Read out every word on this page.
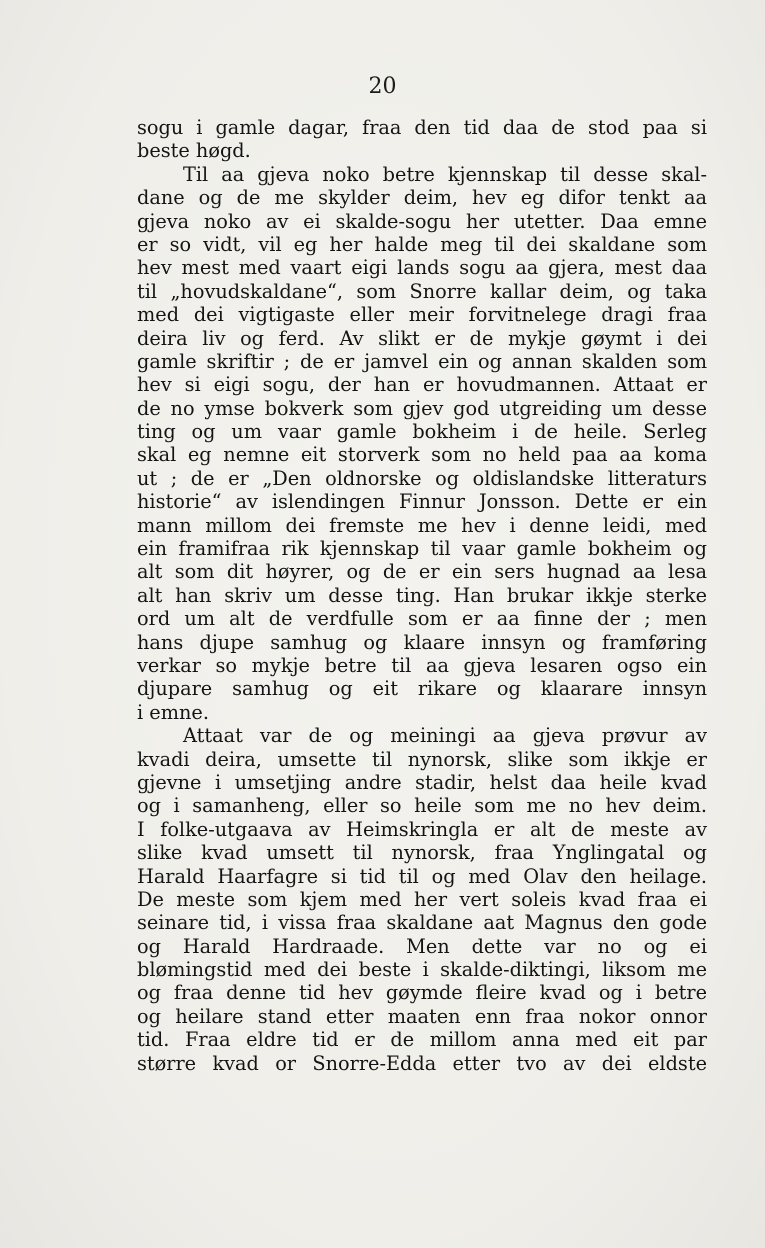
20
sogu i gamle dagar, fraa den tid daa de stod paa si
beste høgd.
Til aa gjeva noko betre kjennskap til desse skal-
dane og de me skylder deim, hev eg difor tenkt aa
gjeva noko av ei skalde-sogu her utetter. Daa emne
er so vidt, vil eg her halde meg til dei skaldane som
hev mest med vaart eigi lands sogu aa gjera, mest daa
til „hovudskaldane“, som Snorre kallar deim, og taka
med dei vigtigaste eller meir forvitnelege dragi fraa
deira liv og ferd. Av slikt er de mykje gøymt i dei
gamle skriftir ; de er jamvel ein og annan skalden som
hev si eigi sogu, der han er hovudmannen. Attaat er
de no ymse bokverk som gjev god utgreiding um desse
ting og um vaar gamle bokheim i de heile. Serleg
skal eg nemne eit storverk som no held paa aa koma
ut ; de er „Den oldnorske og oldislandske litteraturs
historie“ av islendingen Finnur Jonsson. Dette er ein
mann millom dei fremste me hev i denne leidi, med
ein framifraa rik kjennskap til vaar gamle bokheim og
alt som dit høyrer, og de er ein sers hugnad aa lesa
alt han skriv um desse ting. Han brukar ikkje sterke
ord um alt de verdfulle som er aa finne der ; men
hans djupe samhug og klaare innsyn og framføring
verkar so mykje betre til aa gjeva lesaren ogso ein
djupare samhug og eit rikare og klaarare innsyn
i emne.
Attaat var de og meiningi aa gjeva prøvur av
kvadi deira, umsette til nynorsk, slike som ikkje er
gjevne i umsetjing andre stadir, helst daa heile kvad
og i samanheng, eller so heile som me no hev deim.
I folke-utgaava av Heimskringla er alt de meste av
slike kvad umsett til nynorsk, fraa Ynglingatal og
Harald Haarfagre si tid til og med Olav den heilage.
De meste som kjem med her vert soleis kvad fraa ei
seinare tid, i vissa fraa skaldane aat Magnus den gode
og Harald Hardraade. Men dette var no og ei
blømingstid med dei beste i skalde-diktingi, liksom me
og fraa denne tid hev gøymde fleire kvad og i betre
og heilare stand etter maaten enn fraa nokor onnor
tid. Fraa eldre tid er de millom anna med eit par
større kvad or Snorre-Edda etter tvo av dei eldste
